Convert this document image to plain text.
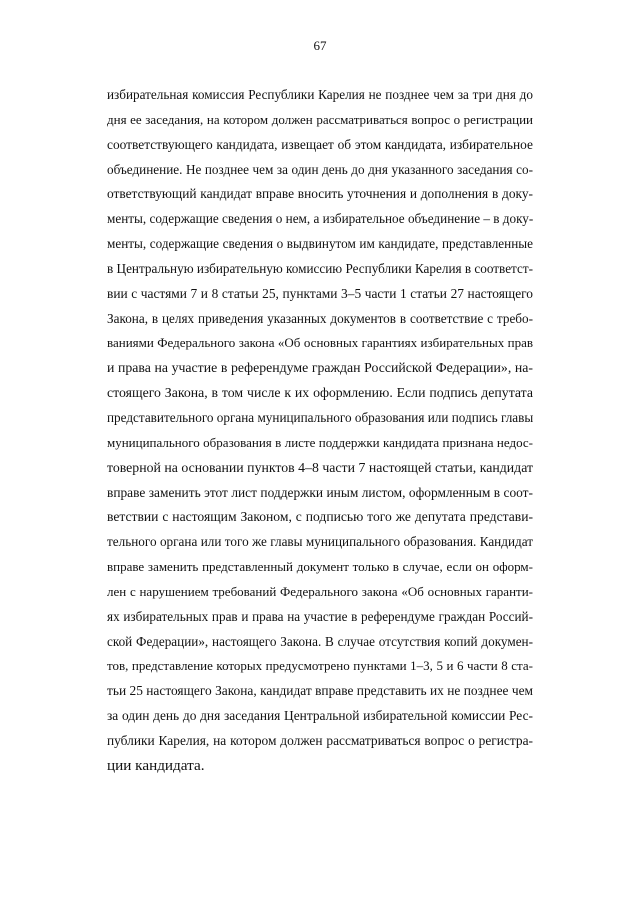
67
избирательная комиссия Республики Карелия не позднее чем за три дня до
дня ее заседания, на котором должен рассматриваться вопрос о регистрации
соответствующего кандидата, извещает об этом кандидата, избирательное
объединение. Не позднее чем за один день до дня указанного заседания со-
ответствующий кандидат вправе вносить уточнения и дополнения в доку-
менты, содержащие сведения о нем, а избирательное объединение – в доку-
менты, содержащие сведения о выдвинутом им кандидате, представленные
в Центральную избирательную комиссию Республики Карелия в соответст-
вии с частями 7 и 8 статьи 25, пунктами 3–5 части 1 статьи 27 настоящего
Закона, в целях приведения указанных документов в соответствие с требо-
ваниями Федерального закона «Об основных гарантиях избирательных прав
и права на участие в референдуме граждан Российской Федерации», на-
стоящего Закона, в том числе к их оформлению. Если подпись депутата
представительного органа муниципального образования или подпись главы
муниципального образования в листе поддержки кандидата признана недос-
товерной на основании пунктов 4–8 части 7 настоящей статьи, кандидат
вправе заменить этот лист поддержки иным листом, оформленным в соот-
ветствии с настоящим Законом, с подписью того же депутата представи-
тельного органа или того же главы муниципального образования. Кандидат
вправе заменить представленный документ только в случае, если он оформ-
лен с нарушением требований Федерального закона «Об основных гаранти-
ях избирательных прав и права на участие в референдуме граждан Россий-
ской Федерации», настоящего Закона. В случае отсутствия копий докумен-
тов, представление которых предусмотрено пунктами 1–3, 5 и 6 части 8 ста-
тьи 25 настоящего Закона, кандидат вправе представить их не позднее чем
за один день до дня заседания Центральной избирательной комиссии Рес-
публики Карелия, на котором должен рассматриваться вопрос о регистра-
ции кандидата.
